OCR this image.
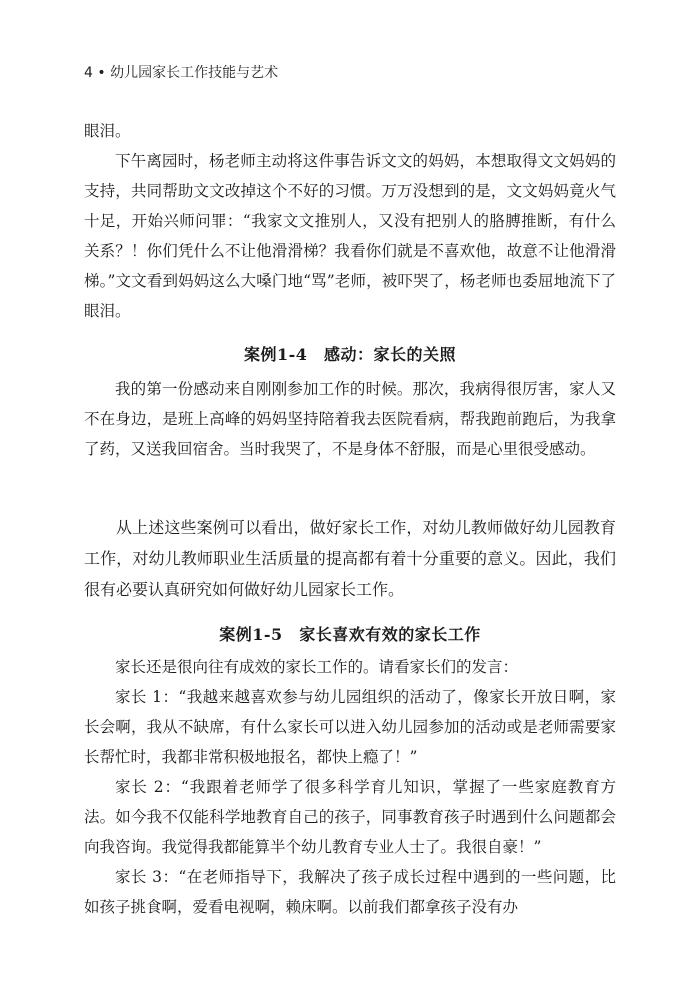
4 • 幼儿园家长工作技能与艺术

眼泪。

下午离园时，杨老师主动将这件事告诉文文的妈妈，本想取得文文妈妈的支持，共同帮助文文改掉这个不好的习惯。万万没想到的是，文文妈妈竟火气十足，开始兴师问罪：“我家文文推别人，又没有把别人的胳膊推断，有什么关系？！你们凭什么不让他滑滑梯？我看你们就是不喜欢他，故意不让他滑滑梯。”文文看到妈妈这么大嗓门地“骂”老师，被吓哭了，杨老师也委屈地流下了眼泪。

案例1-4　感动：家长的关照

我的第一份感动来自刚刚参加工作的时候。那次，我病得很厉害，家人又不在身边，是班上高峰的妈妈坚持陪着我去医院看病，帮我跑前跑后，为我拿了药，又送我回宿舍。当时我哭了，不是身体不舒服，而是心里很受感动。

从上述这些案例可以看出，做好家长工作，对幼儿教师做好幼儿园教育工作，对幼儿教师职业生活质量的提高都有着十分重要的意义。因此，我们很有必要认真研究如何做好幼儿园家长工作。

案例1-5　家长喜欢有效的家长工作

家长还是很向往有成效的家长工作的。请看家长们的发言：

家长 1：“我越来越喜欢参与幼儿园组织的活动了，像家长开放日啊，家长会啊，我从不缺席，有什么家长可以进入幼儿园参加的活动或是老师需要家长帮忙时，我都非常积极地报名，都快上瘾了！”

家长 2：“我跟着老师学了很多科学育儿知识，掌握了一些家庭教育方法。如今我不仅能科学地教育自己的孩子，同事教育孩子时遇到什么问题都会向我咨询。我觉得我都能算半个幼儿教育专业人士了。我很自豪！”

家长 3：“在老师指导下，我解决了孩子成长过程中遇到的一些问题，比如孩子挑食啊，爱看电视啊，赖床啊。以前我们都拿孩子没有办
